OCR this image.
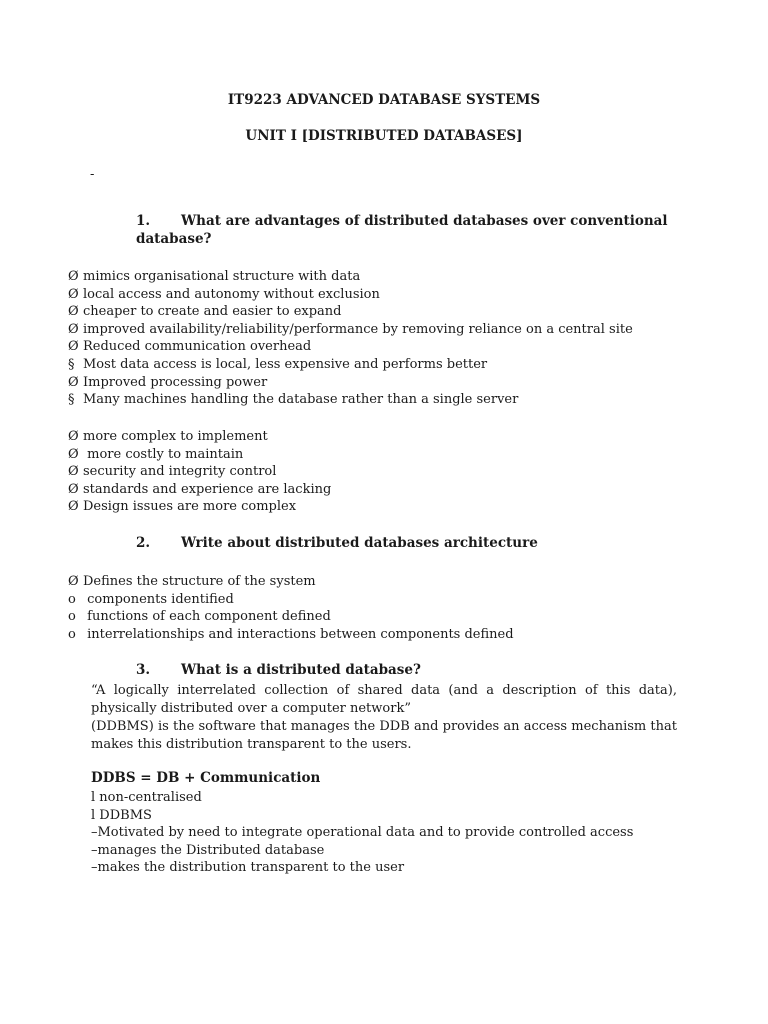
IT9223 ADVANCED DATABASE SYSTEMS
UNIT I [DISTRIBUTED DATABASES]
-
1. What are advantages of distributed databases over conventional
database?
Ø mimics organisational structure with data
Ø local access and autonomy without exclusion
Ø cheaper to create and easier to expand
Ø improved availability/reliability/performance by removing reliance on a central site
Ø Reduced communication overhead
§ Most data access is local, less expensive and performs better
Ø Improved processing power
§ Many machines handling the database rather than a single server
Ø more complex to implement
Ø more costly to maintain
Ø security and integrity control
Ø standards and experience are lacking
Ø Design issues are more complex
2. Write about distributed databases architecture
Ø Defines the structure of the system
o components identified
o functions of each component defined
o interrelationships and interactions between components defined
3. What is a distributed database?
“A logically interrelated collection of shared data (and a description of this data), physically distributed over a computer network”
(DDBMS) is the software that manages the DDB and provides an access mechanism that makes this distribution transparent to the users.
DDBS = DB + Communication
l non-centralised
l DDBMS
–Motivated by need to integrate operational data and to provide controlled access
–manages the Distributed database
–makes the distribution transparent to the user
